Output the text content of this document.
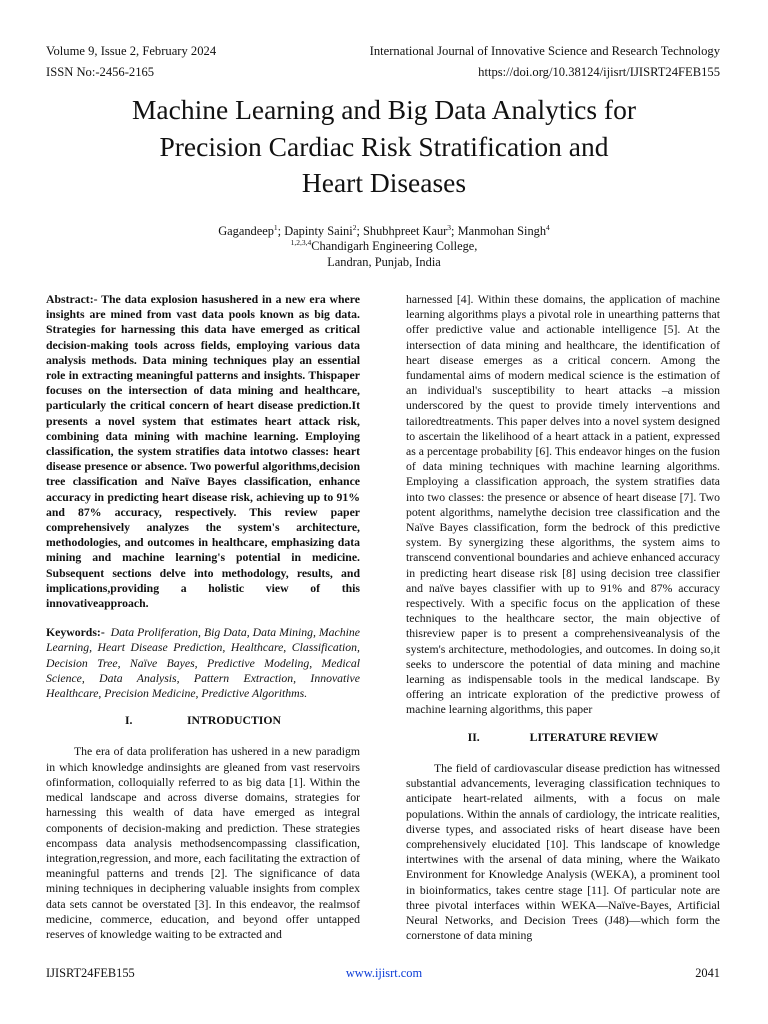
Volume 9, Issue 2, February 2024	International Journal of Innovative Science and Research Technology
ISSN No:-2456-2165	https://doi.org/10.38124/ijisrt/IJISRT24FEB155
Machine Learning and Big Data Analytics for
Precision Cardiac Risk Stratification and
Heart Diseases
Gagandeep$^1$; Dapinty Saini$^2$; Shubhpreet Kaur$^3$; Manmohan Singh$^4$
$^{1,2,3,4}$Chandigarh Engineering College,
Landran, Punjab, India

Abstract:- The data explosion hasushered in a new era where insights are mined from vast data pools known as big data. Strategies for harnessing this data have emerged as critical decision-making tools across fields, employing various data analysis methods. Data mining techniques play an essential role in extracting meaningful patterns and insights. Thispaper focuses on the intersection of data mining and healthcare, particularly the critical concern of heart disease prediction.It presents a novel system that estimates heart attack risk, combining data mining with machine learning. Employing classification, the system stratifies data intotwo classes: heart disease presence or absence. Two powerful algorithms,decision tree classification and Naïve Bayes classification, enhance accuracy in predicting heart disease risk, achieving up to 91% and 87% accuracy, respectively. This review paper comprehensively analyzes the system's architecture, methodologies, and outcomes in healthcare, emphasizing data mining and machine learning's potential in medicine. Subsequent sections delve into methodology, results, and implications,providing a holistic view of this innovativeapproach.

Keywords:- Data Proliferation, Big Data, Data Mining, Machine Learning, Heart Disease Prediction, Healthcare, Classification, Decision Tree, Naïve Bayes, Predictive Modeling, Medical Science, Data Analysis, Pattern Extraction, Innovative Healthcare, Precision Medicine, Predictive Algorithms.

I.	INTRODUCTION

The era of data proliferation has ushered in a new paradigm in which knowledge andinsights are gleaned from vast reservoirs ofinformation, colloquially referred to as big data [1]. Within the medical landscape and across diverse domains, strategies for harnessing this wealth of data have emerged as integral components of decision-making and prediction. These strategies encompass data analysis methodsencompassing classification, integration,regression, and more, each facilitating the extraction of meaningful patterns and trends [2]. The significance of data mining techniques in deciphering valuable insights from complex data sets cannot be overstated [3]. In this endeavor, the realmsof medicine, commerce, education, and beyond offer untapped reserves of knowledge waiting to be extracted and

harnessed [4]. Within these domains, the application of machine learning algorithms plays a pivotal role in unearthing patterns that offer predictive value and actionable intelligence [5]. At the intersection of data mining and healthcare, the identification of heart disease emerges as a critical concern. Among the fundamental aims of modern medical science is the estimation of an individual's susceptibility to heart attacks –a mission underscored by the quest to provide timely interventions and tailoredtreatments. This paper delves into a novel system designed to ascertain the likelihood of a heart attack in a patient, expressed as a percentage probability [6]. This endeavor hinges on the fusion of data mining techniques with machine learning algorithms. Employing a classification approach, the system stratifies data into two classes: the presence or absence of heart disease [7]. Two potent algorithms, namelythe decision tree classification and the Naïve Bayes classification, form the bedrock of this predictive system. By synergizing these algorithms, the system aims to transcend conventional boundaries and achieve enhanced accuracy in predicting heart disease risk [8] using decision tree classifier and naïve bayes classifier with up to 91% and 87% accuracy respectively. With a specific focus on the application of these techniques to the healthcare sector, the main objective of thisreview paper is to present a comprehensiveanalysis of the system's architecture, methodologies, and outcomes. In doing so,it seeks to underscore the potential of data mining and machine learning as indispensable tools in the medical landscape. By offering an intricate exploration of the predictive prowess of machine learning algorithms, this paper

II.	LITERATURE REVIEW

The field of cardiovascular disease prediction has witnessed substantial advancements, leveraging classification techniques to anticipate heart-related ailments, with a focus on male populations. Within the annals of cardiology, the intricate realities, diverse types, and associated risks of heart disease have been comprehensively elucidated [10]. This landscape of knowledge intertwines with the arsenal of data mining, where the Waikato Environment for Knowledge Analysis (WEKA), a prominent tool in bioinformatics, takes centre stage [11]. Of particular note are three pivotal interfaces within WEKA—Naïve-Bayes, Artificial Neural Networks, and Decision Trees (J48)—which form the cornerstone of data mining

IJISRT24FEB155	www.ijisrt.com	2041
